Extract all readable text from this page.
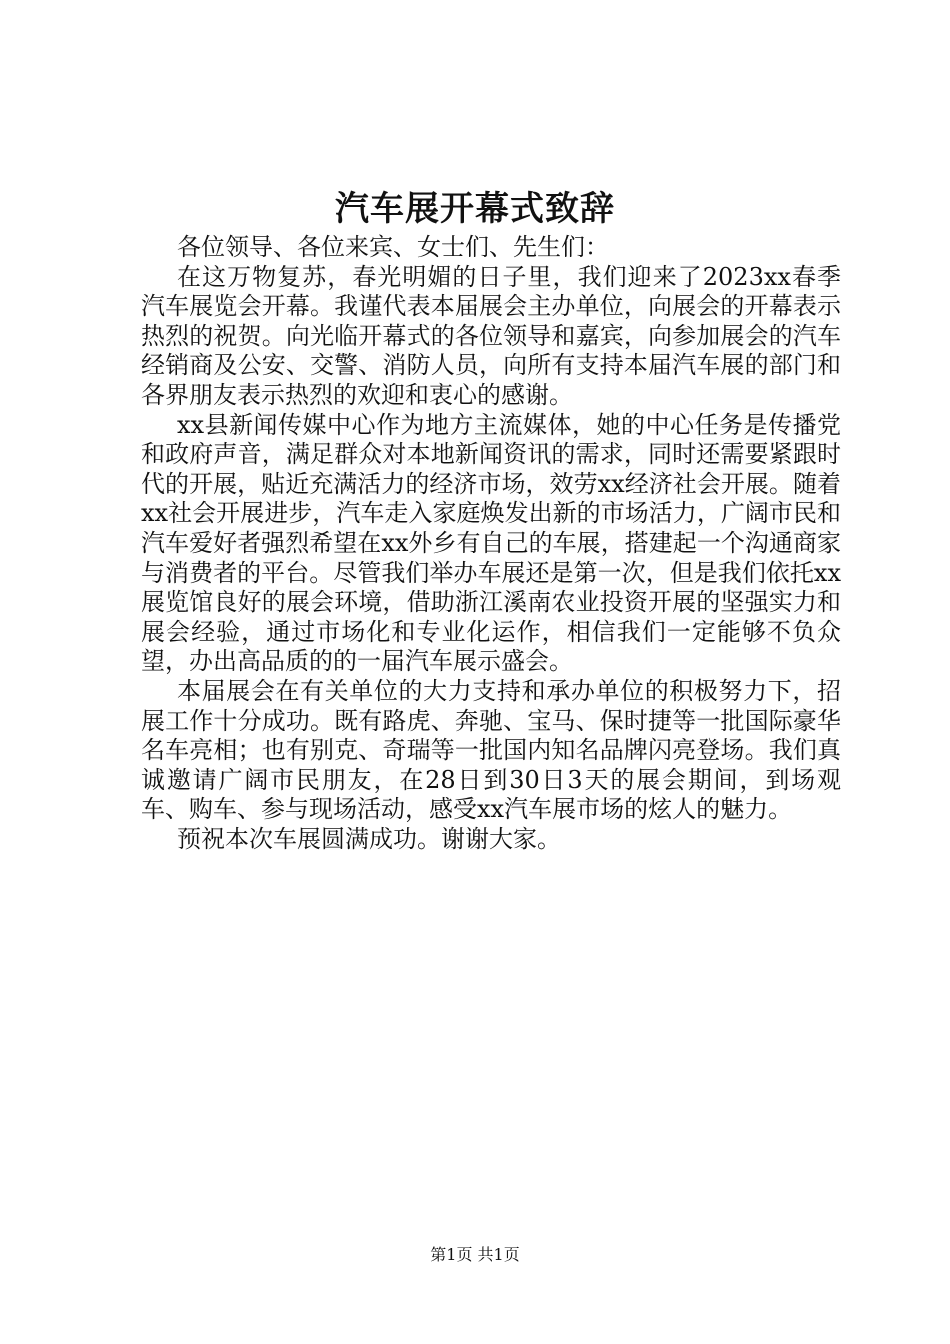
汽车展开幕式致辞

各位领导、各位来宾、女士们、先生们：

在这万物复苏，春光明媚的日子里，我们迎来了2023xx春季汽车展览会开幕。我谨代表本届展会主办单位，向展会的开幕表示热烈的祝贺。向光临开幕式的各位领导和嘉宾，向参加展会的汽车经销商及公安、交警、消防人员，向所有支持本届汽车展的部门和各界朋友表示热烈的欢迎和衷心的感谢。

xx县新闻传媒中心作为地方主流媒体，她的中心任务是传播党和政府声音，满足群众对本地新闻资讯的需求，同时还需要紧跟时代的开展，贴近充满活力的经济市场，效劳xx经济社会开展。随着xx社会开展进步，汽车走入家庭焕发出新的市场活力，广阔市民和汽车爱好者强烈希望在xx外乡有自己的车展，搭建起一个沟通商家与消费者的平台。尽管我们举办车展还是第一次，但是我们依托xx展览馆良好的展会环境，借助浙江溪南农业投资开展的坚强实力和展会经验，通过市场化和专业化运作，相信我们一定能够不负众望，办出高品质的的一届汽车展示盛会。

本届展会在有关单位的大力支持和承办单位的积极努力下，招展工作十分成功。既有路虎、奔驰、宝马、保时捷等一批国际豪华名车亮相；也有别克、奇瑞等一批国内知名品牌闪亮登场。我们真诚邀请广阔市民朋友，在28日到30日3天的展会期间，到场观车、购车、参与现场活动，感受xx汽车展市场的炫人的魅力。

预祝本次车展圆满成功。谢谢大家。

第1页 共1页
